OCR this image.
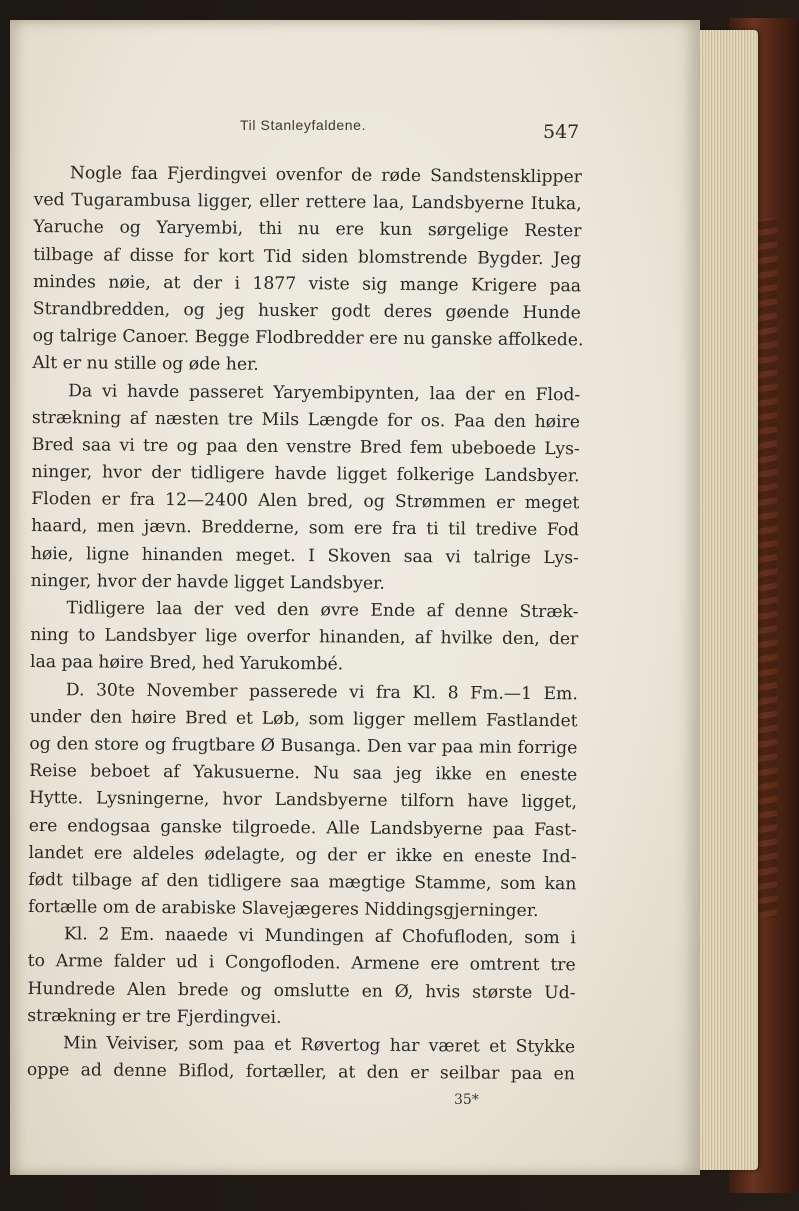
Til Stanleyfaldene.	547
Nogle faa Fjerdingvei ovenfor de røde Sandstensklipper
ved Tugarambusa ligger, eller rettere laa, Landsbyerne Ituka,
Yaruche og Yaryembi, thi nu ere kun sørgelige Rester
tilbage af disse for kort Tid siden blomstrende Bygder. Jeg
mindes nøie, at der i 1877 viste sig mange Krigere paa
Strandbredden, og jeg husker godt deres gøende Hunde
og talrige Canoer. Begge Flodbredder ere nu ganske affolkede.
Alt er nu stille og øde her.
Da vi havde passeret Yaryembipynten, laa der en Flod-
strækning af næsten tre Mils Længde for os. Paa den høire
Bred saa vi tre og paa den venstre Bred fem ubeboede Lys-
ninger, hvor der tidligere havde ligget folkerige Landsbyer.
Floden er fra 12—2400 Alen bred, og Strømmen er meget
haard, men jævn. Bredderne, som ere fra ti til tredive Fod
høie, ligne hinanden meget. I Skoven saa vi talrige Lys-
ninger, hvor der havde ligget Landsbyer.
Tidligere laa der ved den øvre Ende af denne Stræk-
ning to Landsbyer lige overfor hinanden, af hvilke den, der
laa paa høire Bred, hed Yarukombé.
D. 30te November passerede vi fra Kl. 8 Fm.—1 Em.
under den høire Bred et Løb, som ligger mellem Fastlandet
og den store og frugtbare Ø Busanga. Den var paa min forrige
Reise beboet af Yakusuerne. Nu saa jeg ikke en eneste
Hytte. Lysningerne, hvor Landsbyerne tilforn have ligget,
ere endogsaa ganske tilgroede. Alle Landsbyerne paa Fast-
landet ere aldeles ødelagte, og der er ikke en eneste Ind-
født tilbage af den tidligere saa mægtige Stamme, som kan
fortælle om de arabiske Slavejægeres Niddingsgjerninger.
Kl. 2 Em. naaede vi Mundingen af Chofufloden, som i
to Arme falder ud i Congofloden. Armene ere omtrent tre
Hundrede Alen brede og omslutte en Ø, hvis største Ud-
strækning er tre Fjerdingvei.
Min Veiviser, som paa et Røvertog har været et Stykke
oppe ad denne Biflod, fortæller, at den er seilbar paa en
35*
